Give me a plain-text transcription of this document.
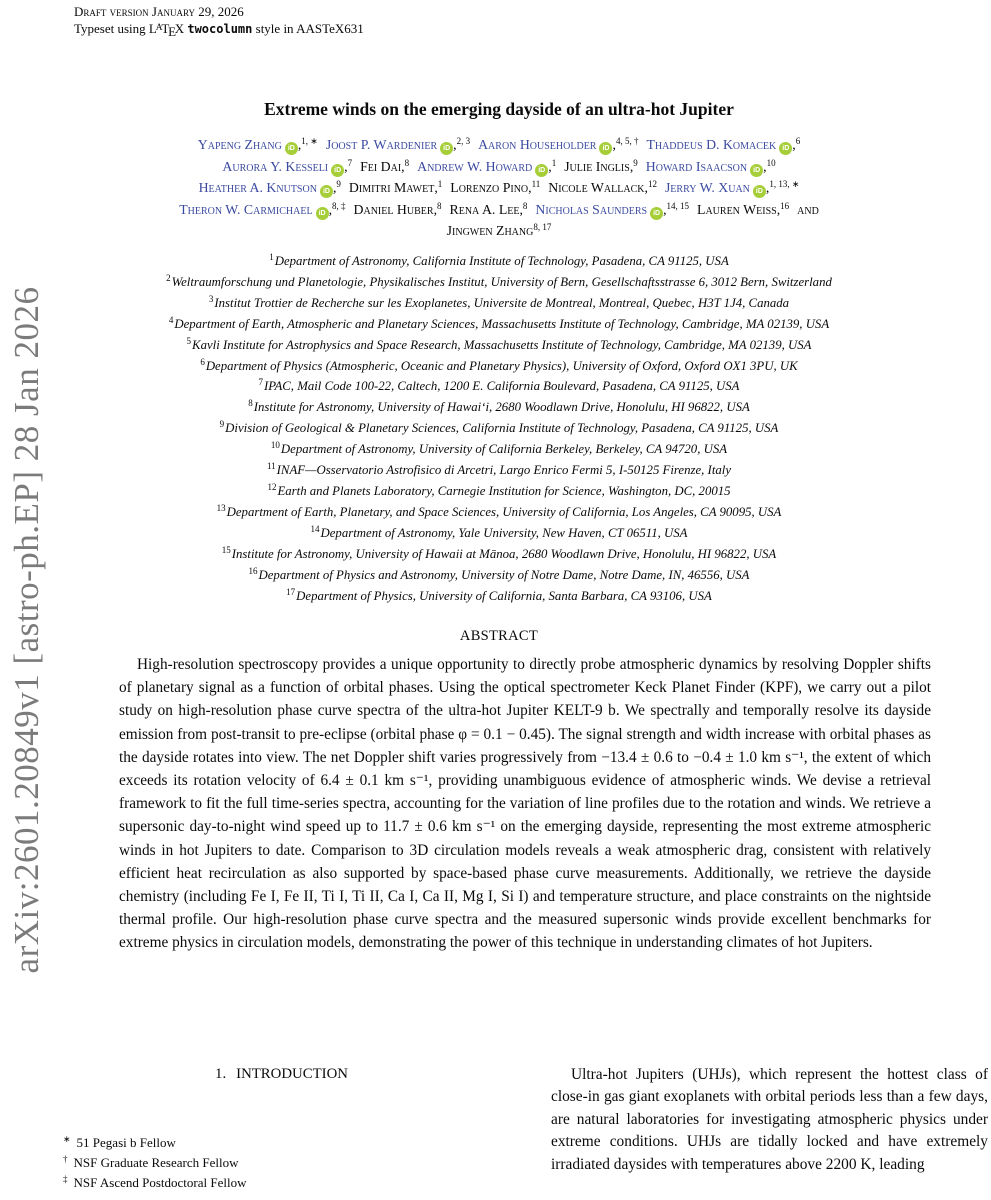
arXiv:2601.20849v1 [astro-ph.EP] 28 Jan 2026
Draft version January 29, 2026
Typeset using LATEX twocolumn style in AASTeX631
Extreme winds on the emerging dayside of an ultra-hot Jupiter
Yapeng Zhang iD ,$^{1, ∗}$ Joost P. Wardenier iD ,$^{2, 3}$ Aaron Householder iD ,$^{4, 5, \dagger}$ Thaddeus D. Komacek iD ,$^6$
Aurora Y. Kesseli iD ,$^7$ Fei Dai,$^8$ Andrew W. Howard iD ,$^1$ Julie Inglis,$^9$ Howard Isaacson iD ,$^{10}$
Heather A. Knutson iD ,$^9$ Dimitri Mawet,$^1$ Lorenzo Pino,$^{11}$ Nicole Wallack,$^{12}$ Jerry W. Xuan iD ,$^{1, 13, ∗}$
Theron W. Carmichael iD ,$^{8, \ddagger}$ Daniel Huber,$^8$ Rena A. Lee,$^8$ Nicholas Saunders iD ,$^{14, 15}$ Lauren Weiss,$^{16}$ and
Jingwen Zhang$^{8, 17}$
$^1$Department of Astronomy, California Institute of Technology, Pasadena, CA 91125, USA
$^2$Weltraumforschung und Planetologie, Physikalisches Institut, University of Bern, Gesellschaftsstrasse 6, 3012 Bern, Switzerland
$^3$Institut Trottier de Recherche sur les Exoplanetes, Universite de Montreal, Montreal, Quebec, H3T 1J4, Canada
$^4$Department of Earth, Atmospheric and Planetary Sciences, Massachusetts Institute of Technology, Cambridge, MA 02139, USA
$^5$Kavli Institute for Astrophysics and Space Research, Massachusetts Institute of Technology, Cambridge, MA 02139, USA
$^6$Department of Physics (Atmospheric, Oceanic and Planetary Physics), University of Oxford, Oxford OX1 3PU, UK
$^7$IPAC, Mail Code 100-22, Caltech, 1200 E. California Boulevard, Pasadena, CA 91125, USA
$^8$Institute for Astronomy, University of Hawaiʻi, 2680 Woodlawn Drive, Honolulu, HI 96822, USA
$^9$Division of Geological & Planetary Sciences, California Institute of Technology, Pasadena, CA 91125, USA
$^{10}$Department of Astronomy, University of California Berkeley, Berkeley, CA 94720, USA
$^{11}$INAF—Osservatorio Astrofisico di Arcetri, Largo Enrico Fermi 5, I-50125 Firenze, Italy
$^{12}$Earth and Planets Laboratory, Carnegie Institution for Science, Washington, DC, 20015
$^{13}$Department of Earth, Planetary, and Space Sciences, University of California, Los Angeles, CA 90095, USA
$^{14}$Department of Astronomy, Yale University, New Haven, CT 06511, USA
$^{15}$Institute for Astronomy, University of Hawaii at Mānoa, 2680 Woodlawn Drive, Honolulu, HI 96822, USA
$^{16}$Department of Physics and Astronomy, University of Notre Dame, Notre Dame, IN, 46556, USA
$^{17}$Department of Physics, University of California, Santa Barbara, CA 93106, USA
ABSTRACT
High-resolution spectroscopy provides a unique opportunity to directly probe atmospheric dynamics by resolving Doppler shifts of planetary signal as a function of orbital phases. Using the optical spectrometer Keck Planet Finder (KPF), we carry out a pilot study on high-resolution phase curve spectra of the ultra-hot Jupiter KELT-9 b. We spectrally and temporally resolve its dayside emission from post-transit to pre-eclipse (orbital phase φ = 0.1 − 0.45). The signal strength and width increase with orbital phases as the dayside rotates into view. The net Doppler shift varies progressively from −13.4 ± 0.6 to −0.4 ± 1.0 km s⁻¹, the extent of which exceeds its rotation velocity of 6.4 ± 0.1 km s⁻¹, providing unambiguous evidence of atmospheric winds. We devise a retrieval framework to fit the full time-series spectra, accounting for the variation of line profiles due to the rotation and winds. We retrieve a supersonic day-to-night wind speed up to 11.7 ± 0.6 km s⁻¹ on the emerging dayside, representing the most extreme atmospheric winds in hot Jupiters to date. Comparison to 3D circulation models reveals a weak atmospheric drag, consistent with relatively efficient heat recirculation as also supported by space-based phase curve measurements. Additionally, we retrieve the dayside chemistry (including Fe I, Fe II, Ti I, Ti II, Ca I, Ca II, Mg I, Si I) and temperature structure, and place constraints on the nightside thermal profile. Our high-resolution phase curve spectra and the measured supersonic winds provide excellent benchmarks for extreme physics in circulation models, demonstrating the power of this technique in understanding climates of hot Jupiters.
1. INTRODUCTION
∗ 51 Pegasi b Fellow
† NSF Graduate Research Fellow
‡ NSF Ascend Postdoctoral Fellow
Ultra-hot Jupiters (UHJs), which represent the hottest class of close-in gas giant exoplanets with orbital periods less than a few days, are natural laboratories for investigating atmospheric physics under extreme conditions. UHJs are tidally locked and have extremely irradiated daysides with temperatures above 2200 K, leading
